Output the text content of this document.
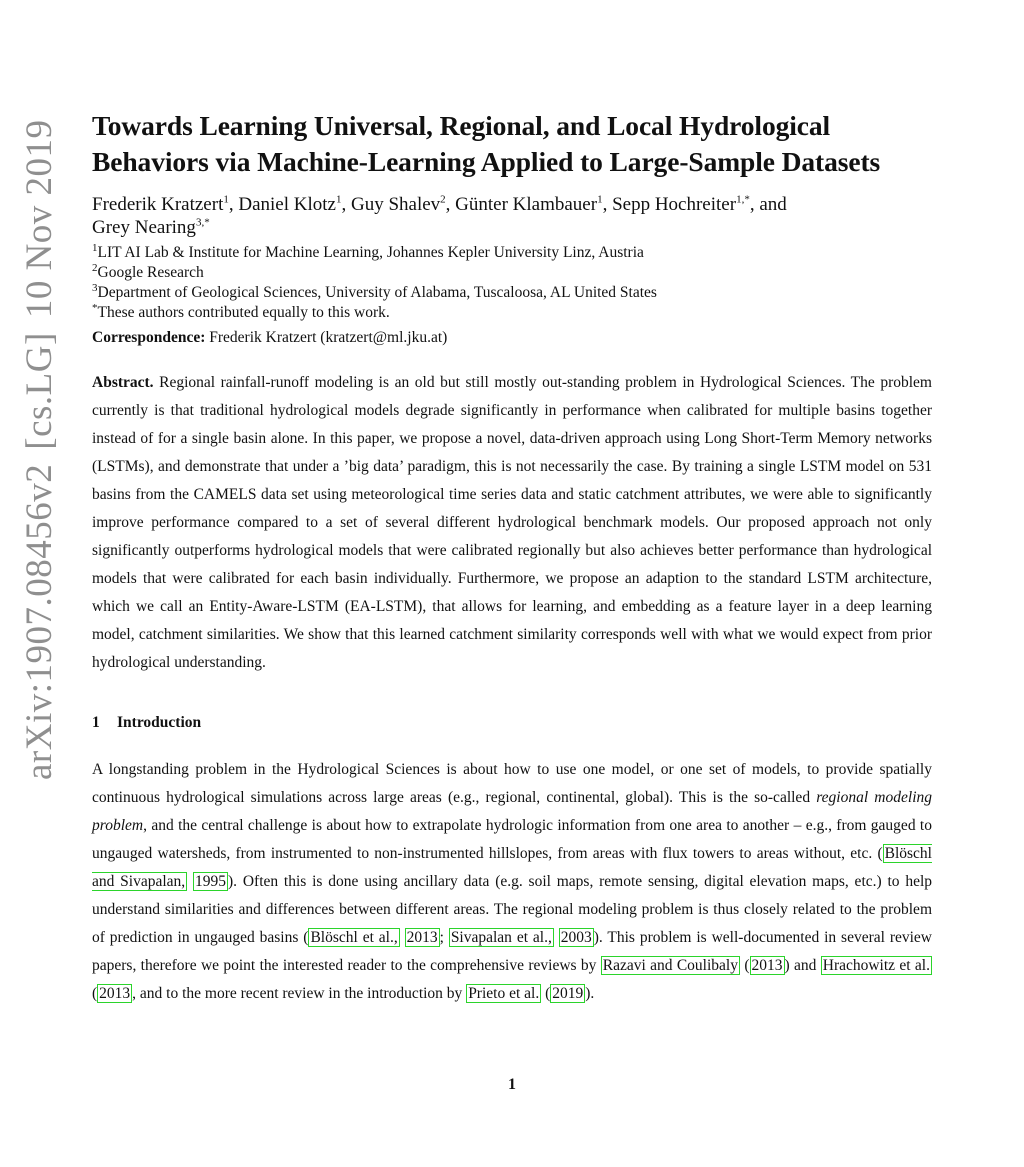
arXiv:1907.08456v2[cs.LG]10 Nov 2019 Towards Learning Universal, Regional, and Local Hydrological
Behaviors via Machine-Learning Applied to Large-Sample Datasets
Frederik Kratzert$^1$, Daniel Klotz$^1$, Guy Shalev$^2$, Günter Klambauer$^1$, Sepp Hochreiter$^{1,*}$, and
Grey Nearing$^{3,*}$
$^1$LIT AI Lab & Institute for Machine Learning, Johannes Kepler University Linz, Austria
$^2$Google Research
$^3$Department of Geological Sciences, University of Alabama, Tuscaloosa, AL United States
*These authors contributed equally to this work.
Correspondence: Frederik Kratzert (kratzert@ml.jku.at)
Abstract. Regional rainfall-runoff modeling is an old but still mostly out-standing problem in Hydrological Sciences. The problem currently is that traditional hydrological models degrade significantly in performance when calibrated for multiple basins together instead of for a single basin alone. In this paper, we propose a novel, data-driven approach using Long Short-Term Memory networks (LSTMs), and demonstrate that under a ’big data’ paradigm, this is not necessarily the case. By training a single LSTM model on 531 basins from the CAMELS data set using meteorological time series data and static catchment attributes, we were able to significantly improve performance compared to a set of several different hydrological benchmark models. Our proposed approach not only significantly outperforms hydrological models that were calibrated regionally but also achieves better performance than hydrological models that were calibrated for each basin individually. Furthermore, we propose an adaption to the standard LSTM architecture, which we call an Entity-Aware-LSTM (EA-LSTM), that allows for learning, and embedding as a feature layer in a deep learning model, catchment similarities. We show that this learned catchment similarity corresponds well with what we would expect from prior hydrological understanding.
1 Introduction
A longstanding problem in the Hydrological Sciences is about how to use one model, or one set of models, to provide spatially continuous hydrological simulations across large areas (e.g., regional, continental, global). This is the so-called regional modeling problem, and the central challenge is about how to extrapolate hydrologic information from one area to another – e.g., from gauged to ungauged watersheds, from instrumented to non-instrumented hillslopes, from areas with flux towers to areas without, etc. ( Blöschl and Sivapalan, 1995 ). Often this is done using ancillary data (e.g. soil maps, remote sensing, digital elevation maps, etc.) to help understand similarities and differences between different areas. The regional modeling problem is thus closely related to the problem of prediction in ungauged basins ( Blöschl et al., 2013 ; Sivapalan et al., 2003 ). This problem is well-documented in several review papers, therefore we point the interested reader to the comprehensive reviews by Razavi and Coulibaly ( 2013 ) and Hrachowitz et al. ( 2013 , and to the more recent review in the introduction by Prieto et al. ( 2019 ).
1
